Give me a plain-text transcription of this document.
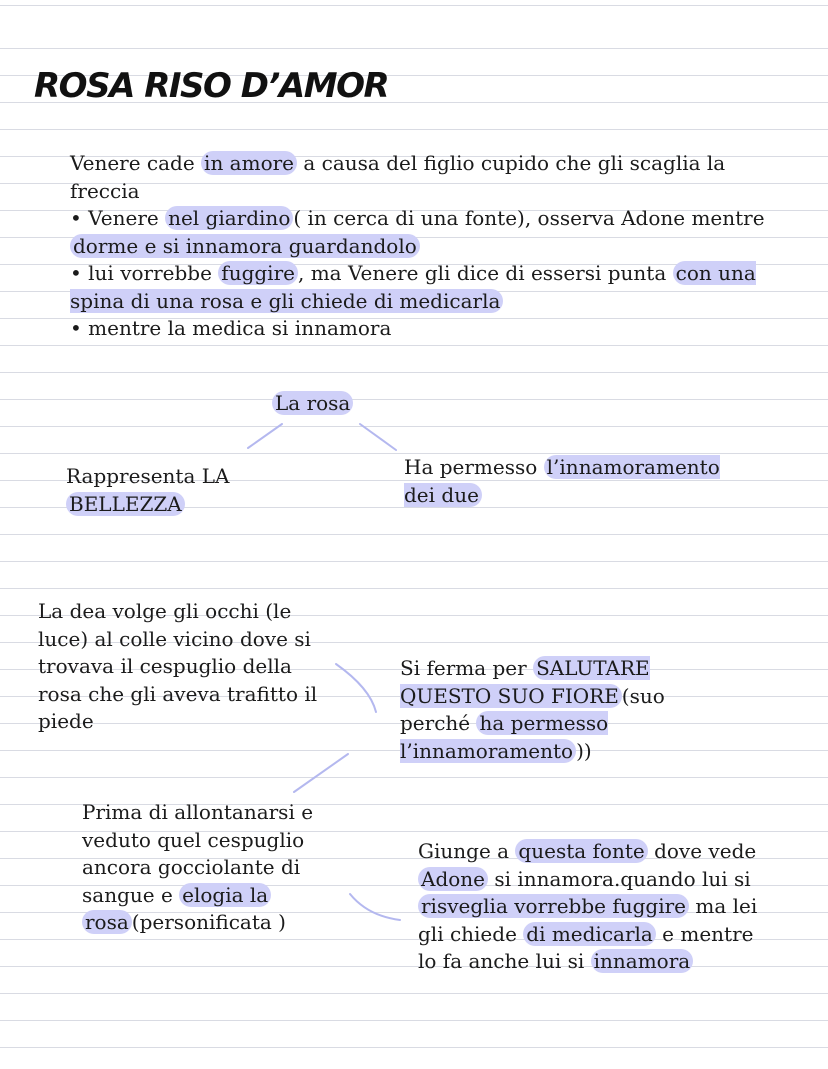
ROSA RISO D’AMOR

Venere cade in amore a causa del figlio cupido che gli scaglia la freccia

• Venere nel giardino ( in cerca di una fonte), osserva Adone mentre dorme e si innamora guardandolo

• lui vorrebbe fuggire , ma Venere gli dice di essersi punta con una spina di una rosa e gli chiede di medicarla

• mentre la medica si innamora

La rosa
Rappresenta LA BELLEZZA
Ha permesso l’innamoramento dei due
La dea volge gli occhi (le luce) al colle vicino dove si trovava il cespuglio della rosa che gli aveva trafitto il piede
Si ferma per SALUTARE QUESTO SUO FIORE (suo perché ha permesso l’innamoramento ))
Prima di allontanarsi e veduto quel cespuglio ancora gocciolante di sangue e elogia la rosa (personificata )
Giunge a questa fonte dove vede Adone si innamora.quando lui si risveglia vorrebbe fuggire ma lei gli chiede di medicarla e mentre lo fa anche lui si innamora
